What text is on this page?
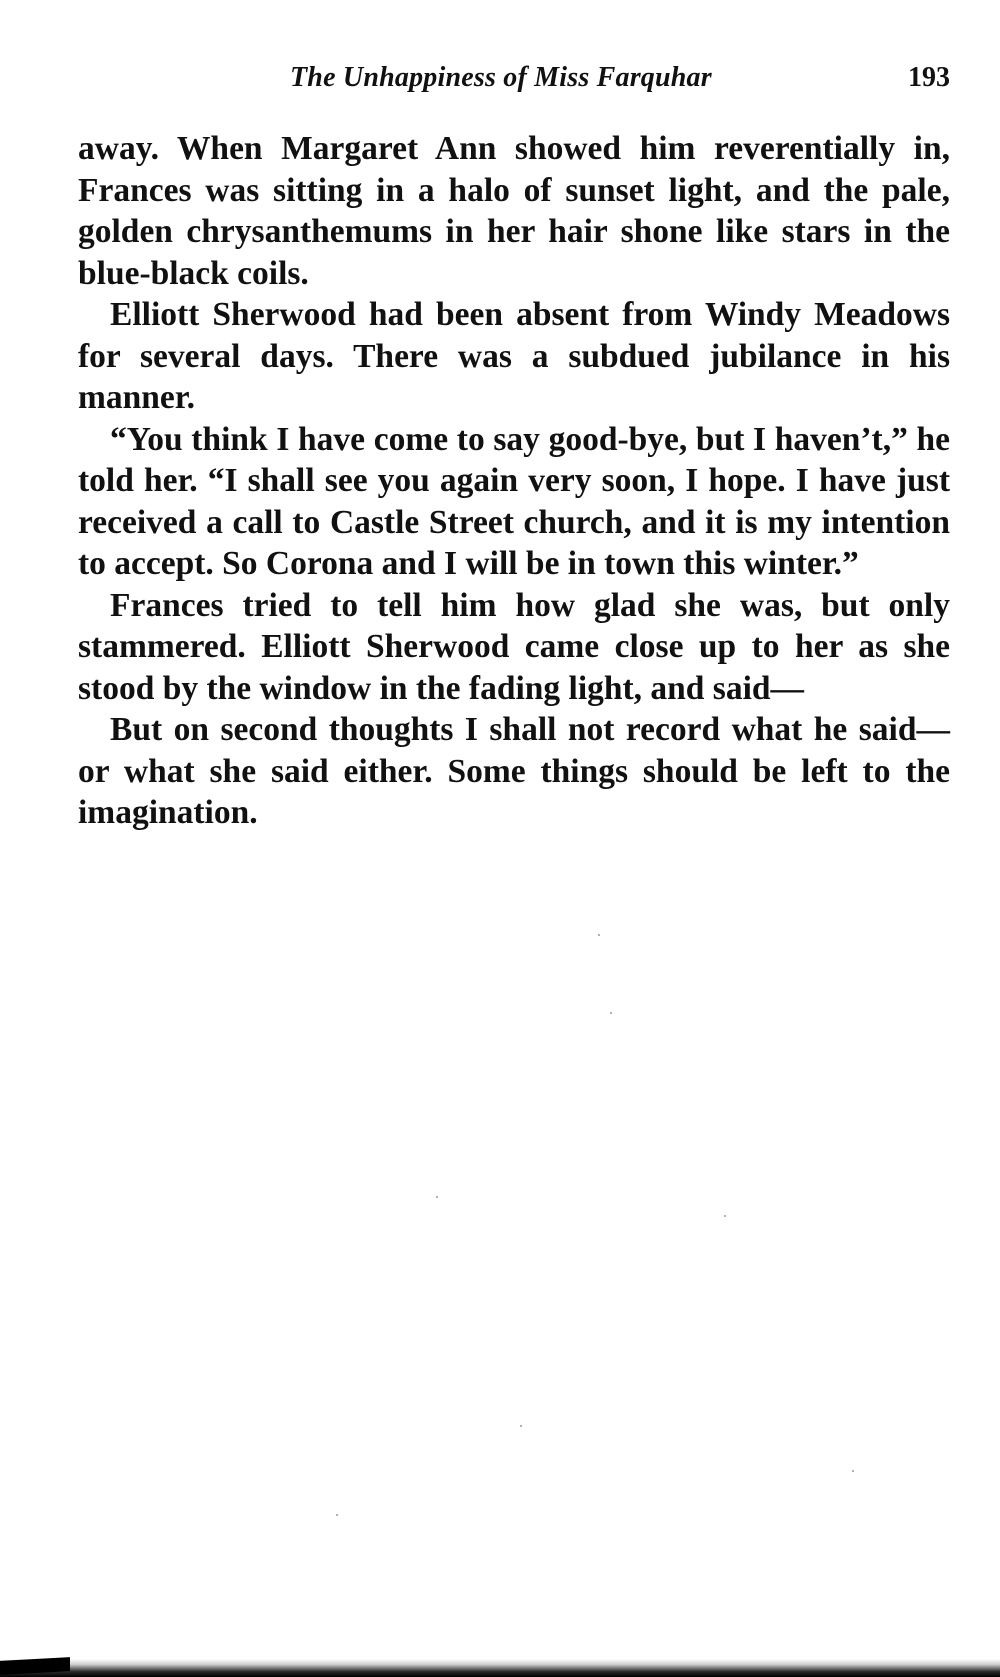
The Unhappiness of Miss Farquhar	193

away. When Margaret Ann showed him reverentially in, Frances was sitting in a halo of sunset light, and the pale, golden chrysanthemums in her hair shone like stars in the blue-black coils.

Elliott Sherwood had been absent from Windy Meadows for several days. There was a subdued jubilance in his manner.

“You think I have come to say good-bye, but I haven’t,” he told her. “I shall see you again very soon, I hope. I have just received a call to Castle Street church, and it is my intention to accept. So Corona and I will be in town this winter.”

Frances tried to tell him how glad she was, but only stammered. Elliott Sherwood came close up to her as she stood by the window in the fading light, and said—

But on second thoughts I shall not record what he said—or what she said either. Some things should be left to the imagination.
